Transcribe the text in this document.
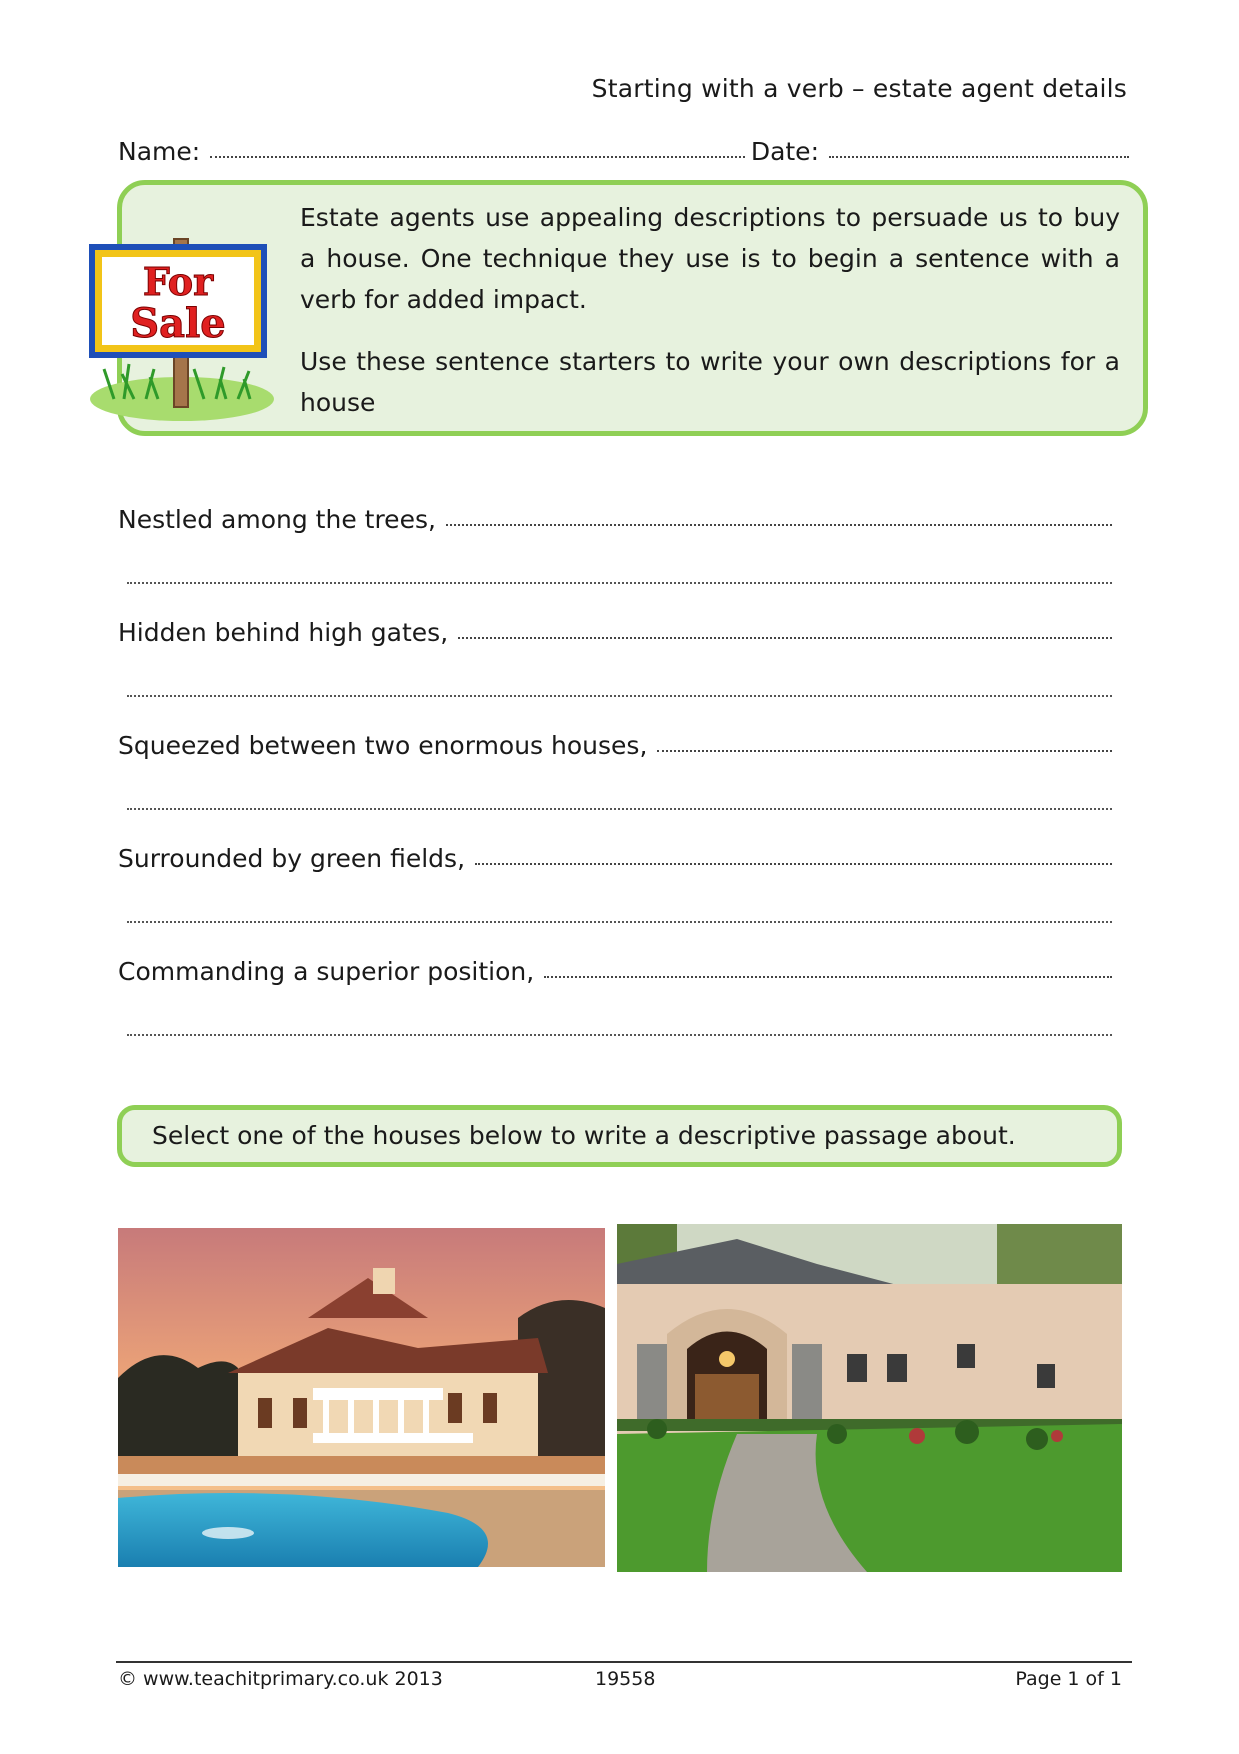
Starting with a verb – estate agent details
Name:	Date:
For
Sale

Estate agents use appealing descriptions to persuade us to buy a house. One technique they use is to begin a sentence with a verb for added impact.

Use these sentence starters to write your own descriptions for a house

Nestled among the trees,
Hidden behind high gates,
Squeezed between two enormous houses,
Surrounded by green fields,
Commanding a superior position,
Select one of the houses below to write a descriptive passage about.
© www.teachitprimary.co.uk 2013	19558	Page 1 of 1
